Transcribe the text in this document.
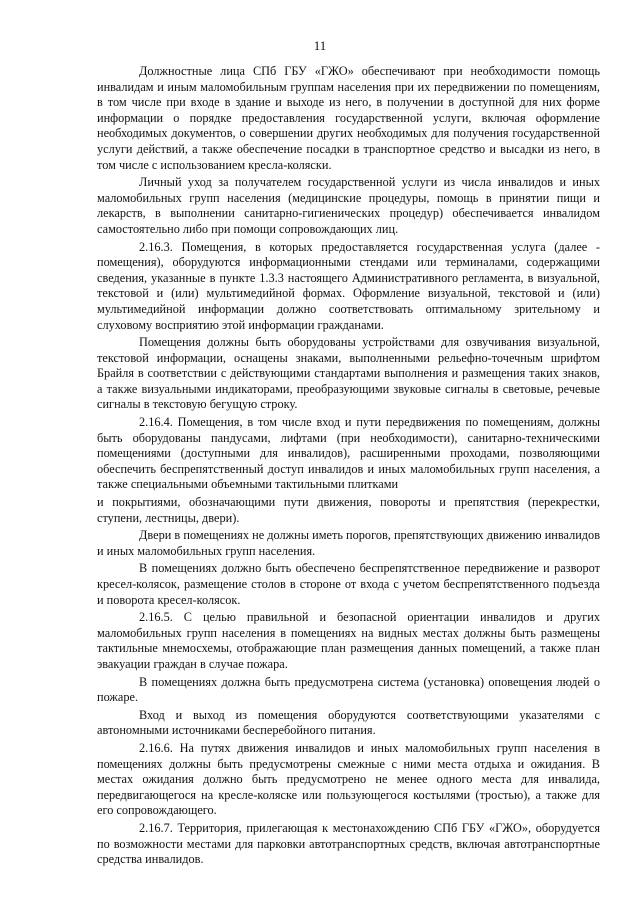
11

Должностные лица СПб ГБУ «ГЖО» обеспечивают при необходимости помощь инвалидам и иным маломобильным группам населения при их передвижении по помещениям, в том числе при входе в здание и выходе из него, в получении в доступной для них форме информации о порядке предоставления государственной услуги, включая оформление необходимых документов, о совершении других необходимых для получения государственной услуги действий, а также обеспечение посадки в транспортное средство и высадки из него, в том числе с использованием кресла-коляски.

Личный уход за получателем государственной услуги из числа инвалидов и иных маломобильных групп населения (медицинские процедуры, помощь в принятии пищи и лекарств, в выполнении санитарно-гигиенических процедур) обеспечивается инвалидом самостоятельно либо при помощи сопровождающих лиц.

2.16.3. Помещения, в которых предоставляется государственная услуга (далее - помещения), оборудуются информационными стендами или терминалами, содержащими сведения, указанные в пункте 1.3.3 настоящего Административного регламента, в визуальной, текстовой и (или) мультимедийной формах. Оформление визуальной, текстовой и (или) мультимедийной информации должно соответствовать оптимальному зрительному и слуховому восприятию этой информации гражданами.

Помещения должны быть оборудованы устройствами для озвучивания визуальной, текстовой информации, оснащены знаками, выполненными рельефно-точечным шрифтом Брайля в соответствии с действующими стандартами выполнения и размещения таких знаков, а также визуальными индикаторами, преобразующими звуковые сигналы в световые, речевые сигналы в текстовую бегущую строку.

2.16.4. Помещения, в том числе вход и пути передвижения по помещениям, должны быть оборудованы пандусами, лифтами (при необходимости), санитарно-техническими помещениями (доступными для инвалидов), расширенными проходами, позволяющими обеспечить беспрепятственный доступ инвалидов и иных маломобильных групп населения, а также специальными объемными тактильными плитками

и покрытиями, обозначающими пути движения, повороты и препятствия (перекрестки, ступени, лестницы, двери).

Двери в помещениях не должны иметь порогов, препятствующих движению инвалидов и иных маломобильных групп населения.

В помещениях должно быть обеспечено беспрепятственное передвижение и разворот кресел-колясок, размещение столов в стороне от входа с учетом беспрепятственного подъезда и поворота кресел-колясок.

2.16.5. С целью правильной и безопасной ориентации инвалидов и других маломобильных групп населения в помещениях на видных местах должны быть размещены тактильные мнемосхемы, отображающие план размещения данных помещений, а также план эвакуации граждан в случае пожара.

В помещениях должна быть предусмотрена система (установка) оповещения людей о пожаре.

Вход и выход из помещения оборудуются соответствующими указателями с автономными источниками бесперебойного питания.

2.16.6. На путях движения инвалидов и иных маломобильных групп населения в помещениях должны быть предусмотрены смежные с ними места отдыха и ожидания. В местах ожидания должно быть предусмотрено не менее одного места для инвалида, передвигающегося на кресле-коляске или пользующегося костылями (тростью), а также для его сопровождающего.

2.16.7. Территория, прилегающая к местонахождению СПб ГБУ «ГЖО», оборудуется по возможности местами для парковки автотранспортных средств, включая автотранспортные средства инвалидов.
